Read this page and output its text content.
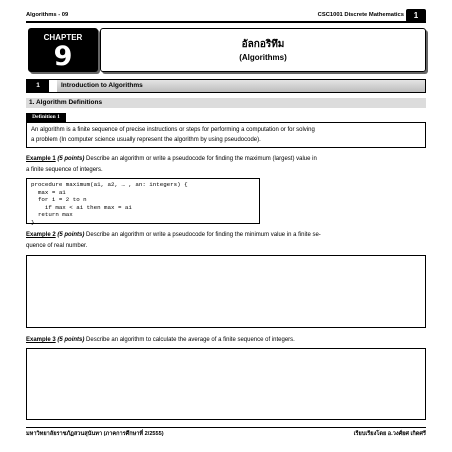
Algorithms - 09	CSC1001 Discrete Mathematics	1
CHAPTER
9	อัลกอริทึม
(Algorithms)
1	Introduction to Algorithms
1. Algorithm Definitions
Definition 1
An algorithm is a finite sequence of precise instructions or steps for performing a computation or for solving
a problem (In computer science usually represent the algorithm by using pseudocode).
Example 1 (5 points) Describe an algorithm or write a pseudocode for finding the maximum (largest) value in
a finite sequence of integers.
procedure maximum(a1, a2, … , an: integers) {
max = a1
for i = 2 to n
if max < ai then max = ai
return max
}
Example 2 (5 points) Describe an algorithm or write a pseudocode for finding the minimum value in a finite se-
quence of real number.
Example 3 (5 points) Describe an algorithm to calculate the average of a finite sequence of integers.
มหาวิทยาลัยราชภัฏสวนสุนันทา (ภาคการศึกษาที่ 2/2555)	เรียบเรียงโดย อ.วงศ์ยศ เกิดศรี
